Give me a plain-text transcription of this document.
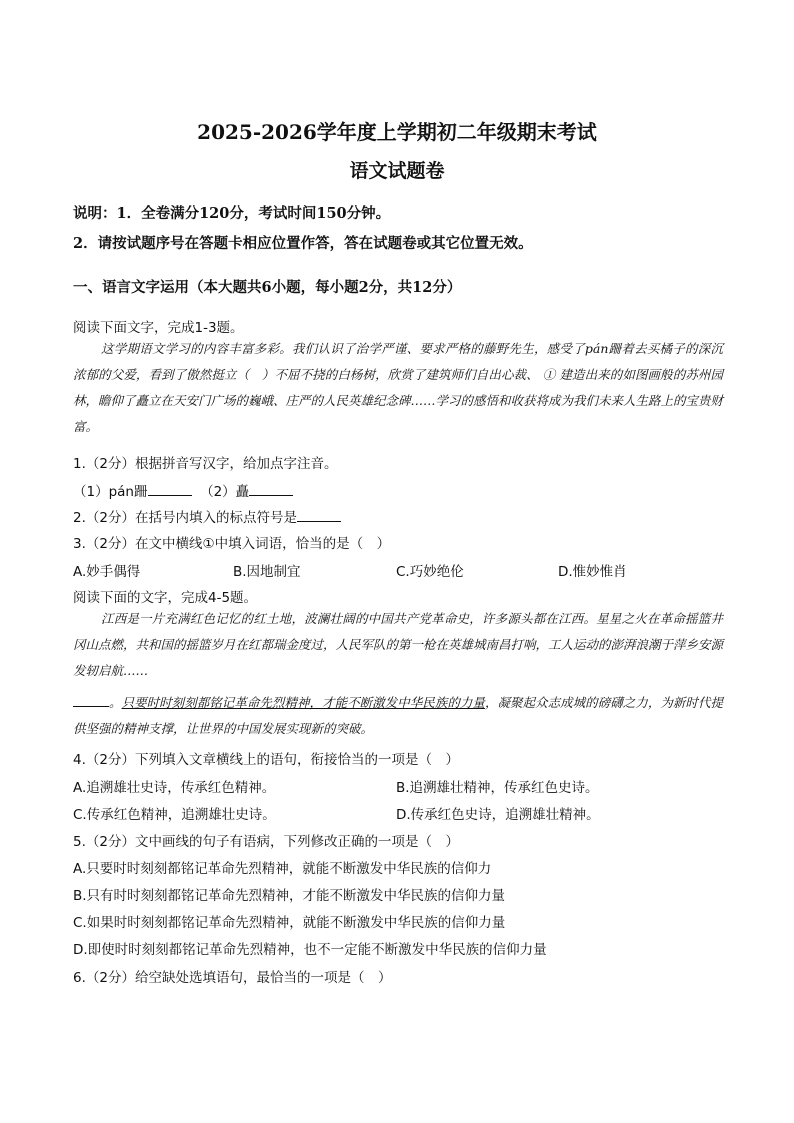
2025-2026学年度上学期初二年级期末考试
语文试题卷
说明：1．全卷满分120分，考试时间150分钟。
2．请按试题序号在答题卡相应位置作答，答在试题卷或其它位置无效。
一、语言文字运用（本大题共6小题，每小题2分，共12分）
阅读下面文字，完成1-3题。
这学期语文学习的内容丰富多彩。我们认识了治学严谨、要求严格的藤野先生，感受了pán跚着去买橘子的深沉浓郁的父爱，看到了傲然挺立（　）不屈不挠的白杨树，欣赏了建筑师们自出心裁、 ① 建造出来的如图画般的苏州园林，瞻仰了矗立在天安门广场的巍峨、庄严的人民英雄纪念碑……学习的感悟和收获将成为我们未来人生路上的宝贵财富。
1.（2分）根据拼音写汉字，给加点字注音。
（1）pán跚	（2）矗
2.（2分）在括号内填入的标点符号是
3.（2分）在文中横线①中填入词语，恰当的是（　）
A.妙手偶得	B.因地制宜	C.巧妙绝伦	D.惟妙惟肖
阅读下面的文字，完成4-5题。
江西是一片充满红色记忆的红土地，波澜壮阔的中国共产党革命史，许多源头都在江西。星星之火在革命摇篮井冈山点燃，共和国的摇篮岁月在红都瑞金度过，人民军队的第一枪在英雄城南昌打响，工人运动的澎湃浪潮于萍乡安源发轫启航……
。只要时时刻刻都铭记革命先烈精神，才能不断激发中华民族的力量，凝聚起众志成城的磅礴之力，为新时代提供坚强的精神支撑，让世界的中国发展实现新的突破。
4.（2分）下列填入文章横线上的语句，衔接恰当的一项是（　）
A.追溯雄壮史诗，传承红色精神。	B.追溯雄壮精神，传承红色史诗。
C.传承红色精神，追溯雄壮史诗。	D.传承红色史诗，追溯雄壮精神。
5.（2分）文中画线的句子有语病，下列修改正确的一项是（　）
A.只要时时刻刻都铭记革命先烈精神，就能不断激发中华民族的信仰力
B.只有时时刻刻都铭记革命先烈精神，才能不断激发中华民族的信仰力量
C.如果时时刻刻都铭记革命先烈精神，就能不断激发中华民族的信仰力量
D.即使时时刻刻都铭记革命先烈精神，也不一定能不断激发中华民族的信仰力量
6.（2分）给空缺处选填语句，最恰当的一项是（　）
